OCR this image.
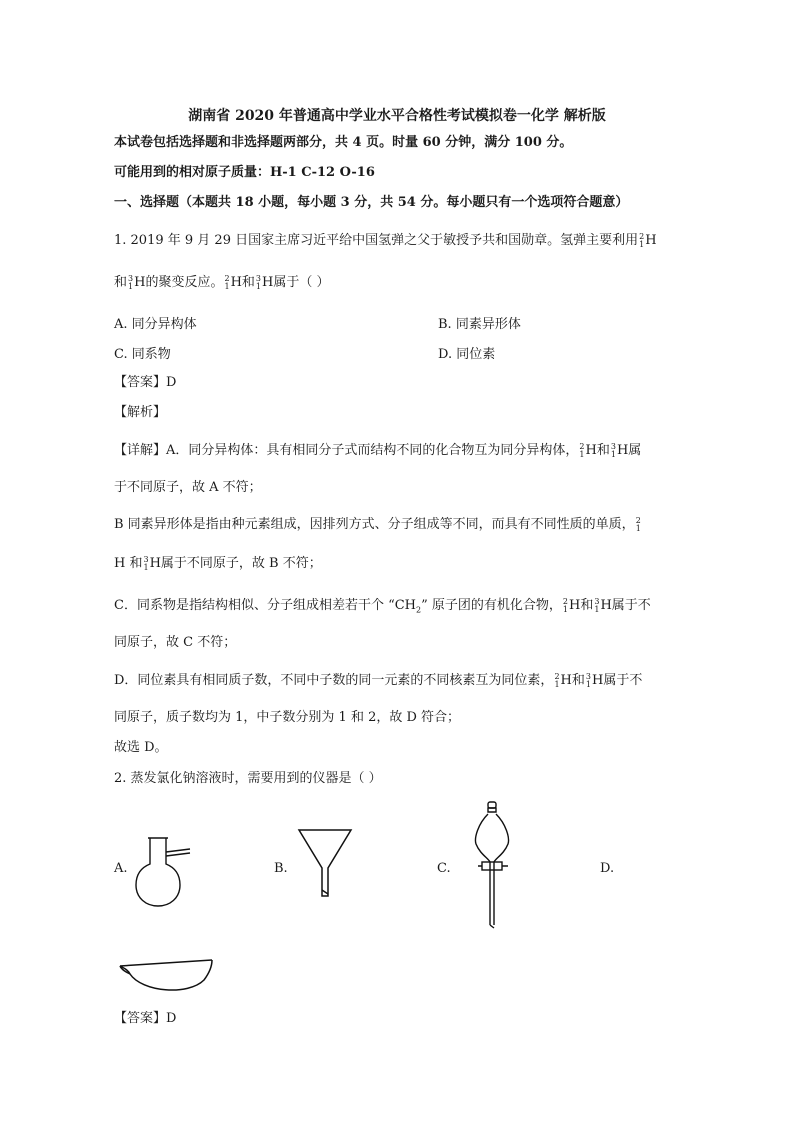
湖南省 2020 年普通高中学业水平合格性考试模拟卷一化学 解析版
本试卷包括选择题和非选择题两部分，共 4 页。时量 60 分钟，满分 100 分。
可能用到的相对原子质量：H-1 C-12 O-16
一、选择题（本题共 18 小题，每小题 3 分，共 54 分。每小题只有一个选项符合题意）
1. 2019 年 9 月 29 日国家主席习近平给中国氢弹之父于敏授予共和国勋章。氢弹主要利用 2
1 H
和 3
1 H的聚变反应。 2
1 H和 3
1 H属于（ ）
A. 同分异构体	B. 同素异形体
C. 同系物	D. 同位素
【答案】D
【解析】
【详解】A．同分异构体：具有相同分子式而结构不同的化合物互为同分异构体， 2
1 H和 3
1 H属
于不同原子，故 A 不符；
B 同素异形体是指由种元素组成，因排列方式、分子组成等不同，而具有不同性质的单质， 2
1
H 和 3
1 H属于不同原子，故 B 不符；
C．同系物是指结构相似、分子组成相差若干个 “$CH_2$” 原子团的有机化合物， 2
1 H和 3
1 H属于不
同原子，故 C 不符；
D．同位素具有相同质子数，不同中子数的同一元素的不同核素互为同位素， 2
1 H和 3
1 H属于不
同原子，质子数均为 1，中子数分别为 1 和 2，故 D 符合；
故选 D。
2. 蒸发氯化钠溶液时，需要用到的仪器是（ ）
A.	B.	C.	D.
【答案】D
